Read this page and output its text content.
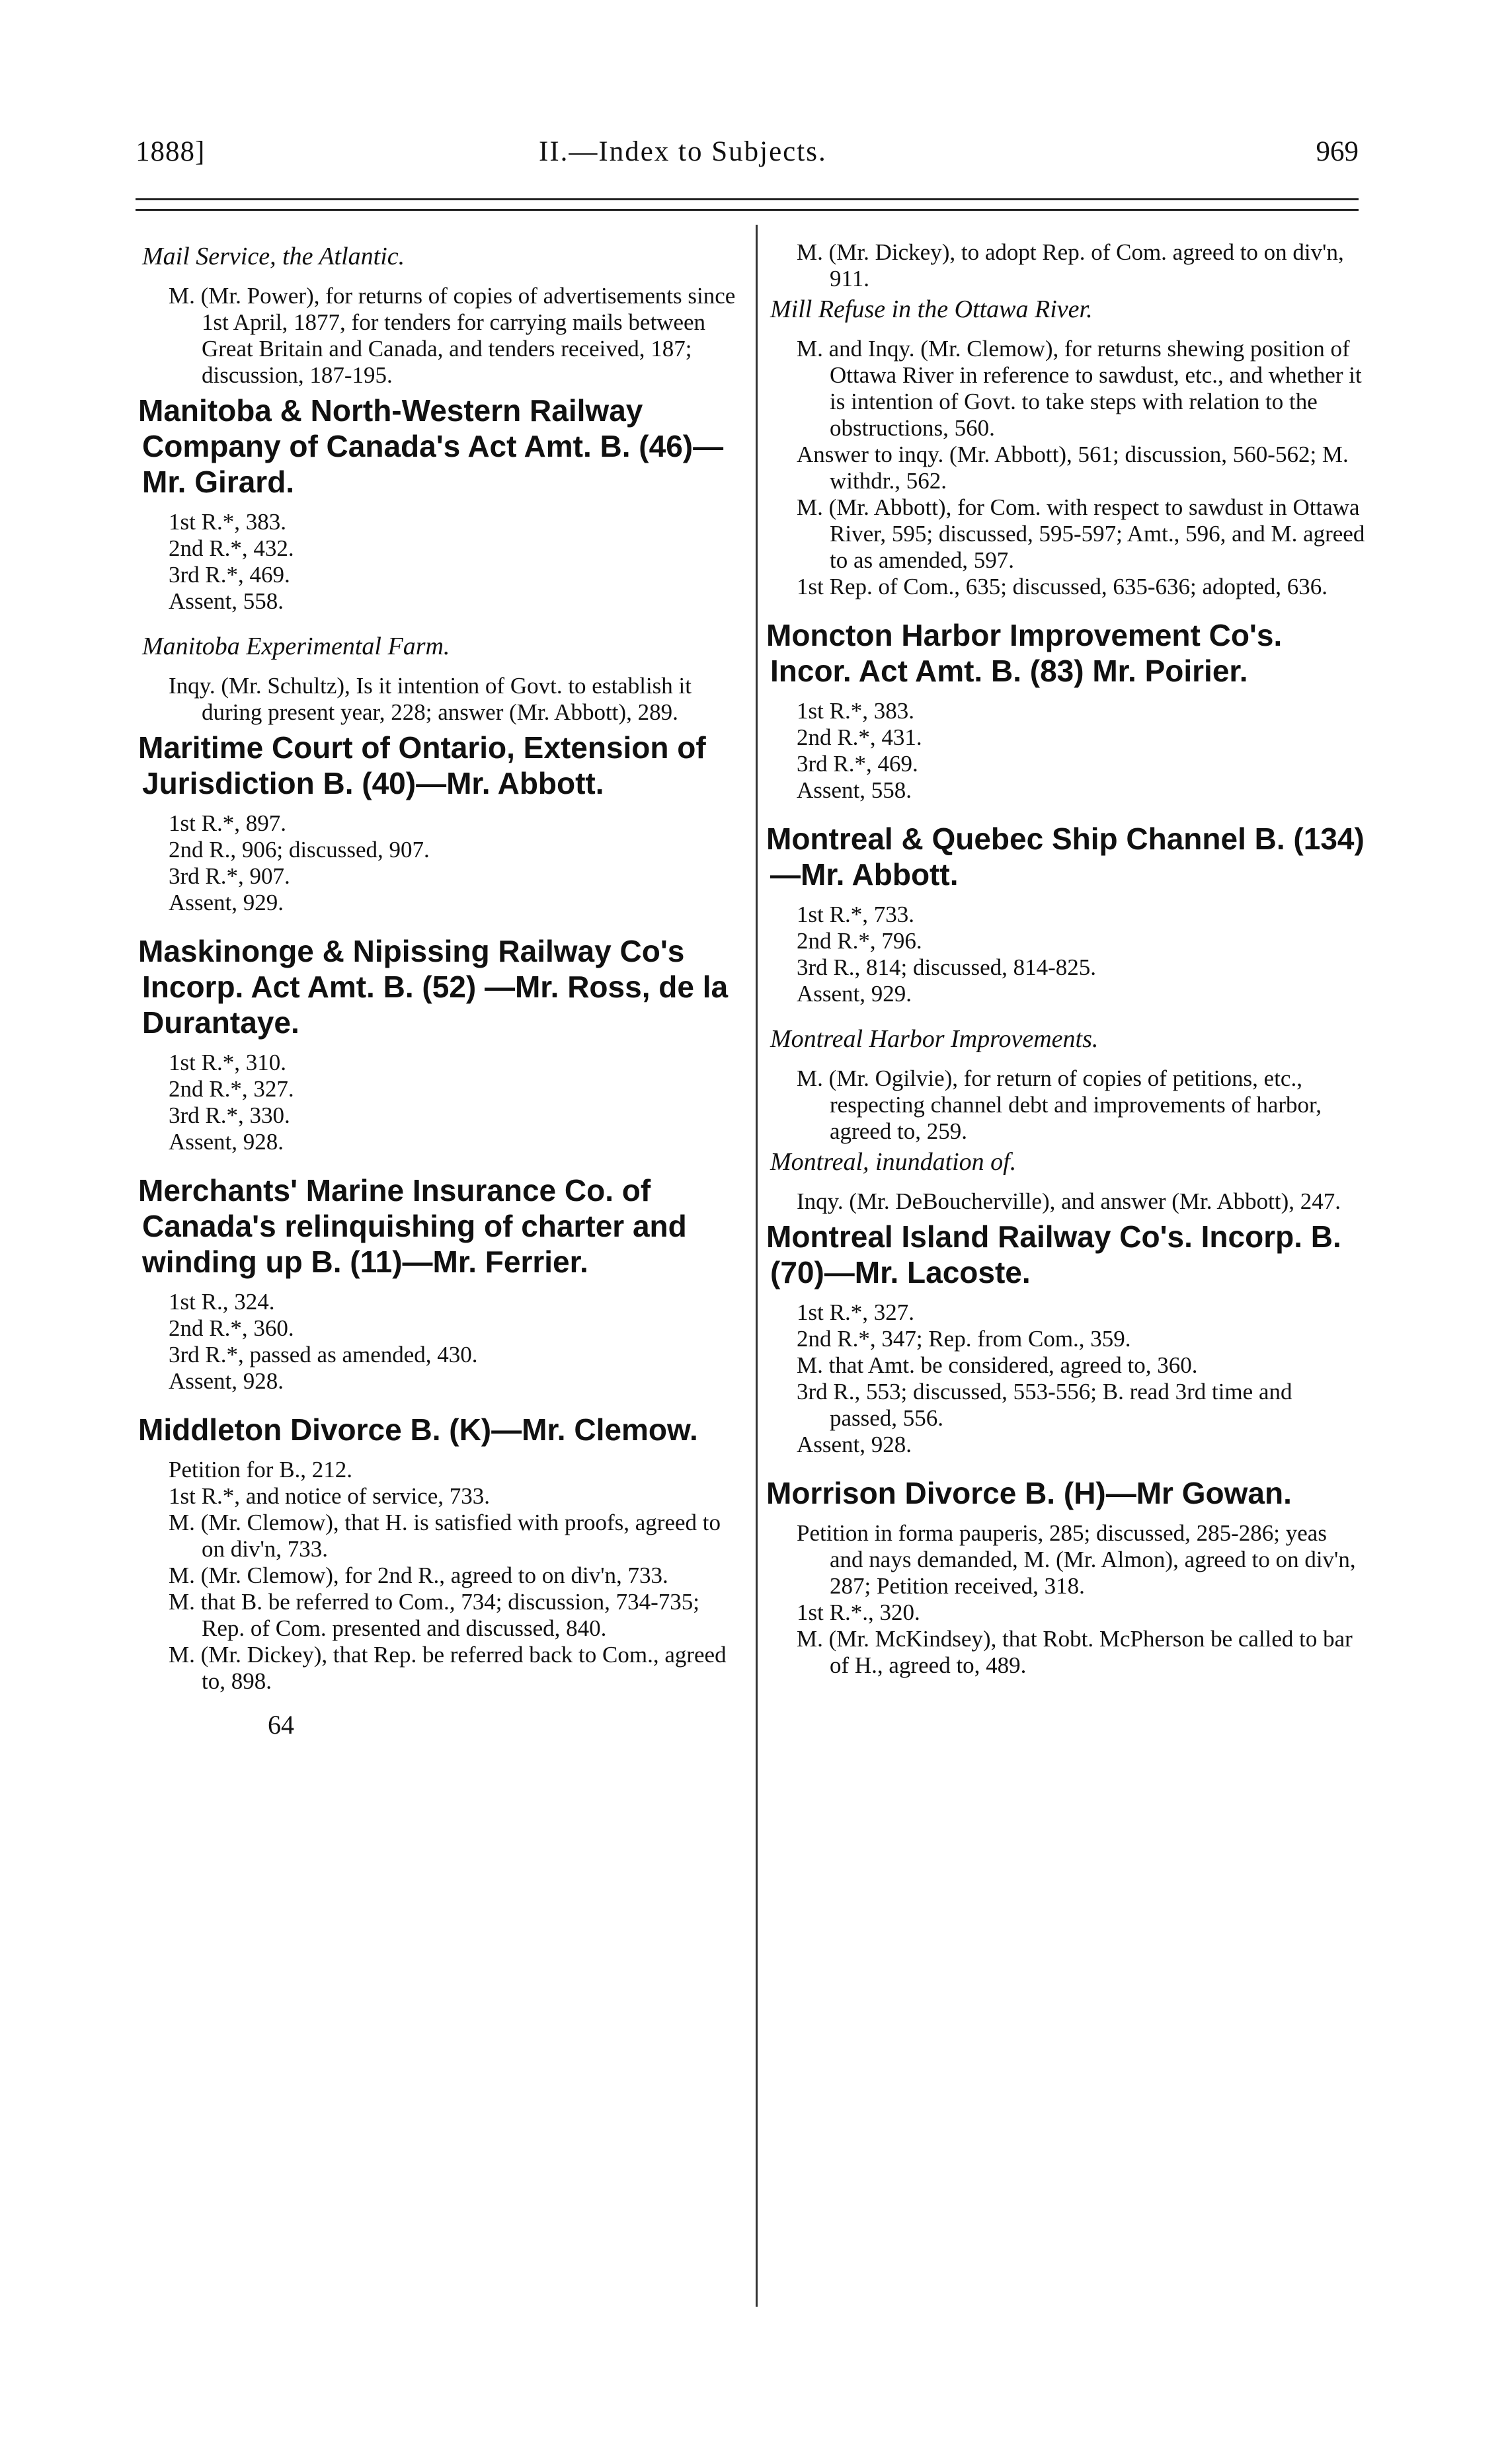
1888]	II.—Index to Subjects.	969
Mail Service, the Atlantic.
M. (Mr. Power), for returns of copies of advertisements since 1st April, 1877, for tenders for carrying mails between Great Britain and Canada, and tenders received, 187; discussion, 187-195.
Manitoba & North-Western Railway Company of Canada's Act Amt. B. (46)—Mr. Girard.
1st R.*, 383.
2nd R.*, 432.
3rd R.*, 469.
Assent, 558.
Manitoba Experimental Farm.
Inqy. (Mr. Schultz), Is it intention of Govt. to establish it during present year, 228; answer (Mr. Abbott), 289.
Maritime Court of Ontario, Extension of Jurisdiction B. (40)—Mr. Abbott.
1st R.*, 897.
2nd R., 906; discussed, 907.
3rd R.*, 907.
Assent, 929.
Maskinonge & Nipissing Railway Co's Incorp. Act Amt. B. (52) —Mr. Ross, de la Durantaye.
1st R.*, 310.
2nd R.*, 327.
3rd R.*, 330.
Assent, 928.
Merchants' Marine Insurance Co. of Canada's relinquishing of charter and winding up B. (11)—Mr. Ferrier.
1st R., 324.
2nd R.*, 360.
3rd R.*, passed as amended, 430.
Assent, 928.
Middleton Divorce B. (K)—Mr. Clemow.
Petition for B., 212.
1st R.*, and notice of service, 733.
M. (Mr. Clemow), that H. is satisfied with proofs, agreed to on div'n, 733.
M. (Mr. Clemow), for 2nd R., agreed to on div'n, 733.
M. that B. be referred to Com., 734; discussion, 734-735; Rep. of Com. presented and discussed, 840.
M. (Mr. Dickey), that Rep. be referred back to Com., agreed to, 898.
64
M. (Mr. Dickey), to adopt Rep. of Com. agreed to on div'n, 911.
Mill Refuse in the Ottawa River.
M. and Inqy. (Mr. Clemow), for returns shewing position of Ottawa River in reference to sawdust, etc., and whether it is intention of Govt. to take steps with relation to the obstructions, 560.
Answer to inqy. (Mr. Abbott), 561; discussion, 560-562; M. withdr., 562.
M. (Mr. Abbott), for Com. with respect to sawdust in Ottawa River, 595; discussed, 595-597; Amt., 596, and M. agreed to as amended, 597.
1st Rep. of Com., 635; discussed, 635-636; adopted, 636.
Moncton Harbor Improvement Co's. Incor. Act Amt. B. (83) Mr. Poirier.
1st R.*, 383.
2nd R.*, 431.
3rd R.*, 469.
Assent, 558.
Montreal & Quebec Ship Channel B. (134)—Mr. Abbott.
1st R.*, 733.
2nd R.*, 796.
3rd R., 814; discussed, 814-825.
Assent, 929.
Montreal Harbor Improvements.
M. (Mr. Ogilvie), for return of copies of petitions, etc., respecting channel debt and improvements of harbor, agreed to, 259.
Montreal, inundation of.
Inqy. (Mr. DeBoucherville), and answer (Mr. Abbott), 247.
Montreal Island Railway Co's. Incorp. B. (70)—Mr. Lacoste.
1st R.*, 327.
2nd R.*, 347; Rep. from Com., 359.
M. that Amt. be considered, agreed to, 360.
3rd R., 553; discussed, 553-556; B. read 3rd time and passed, 556.
Assent, 928.
Morrison Divorce B. (H)—Mr Gowan.
Petition in forma pauperis, 285; discussed, 285-286; yeas and nays demanded, M. (Mr. Almon), agreed to on div'n, 287; Petition received, 318.
1st R.*., 320.
M. (Mr. McKindsey), that Robt. McPherson be called to bar of H., agreed to, 489.
